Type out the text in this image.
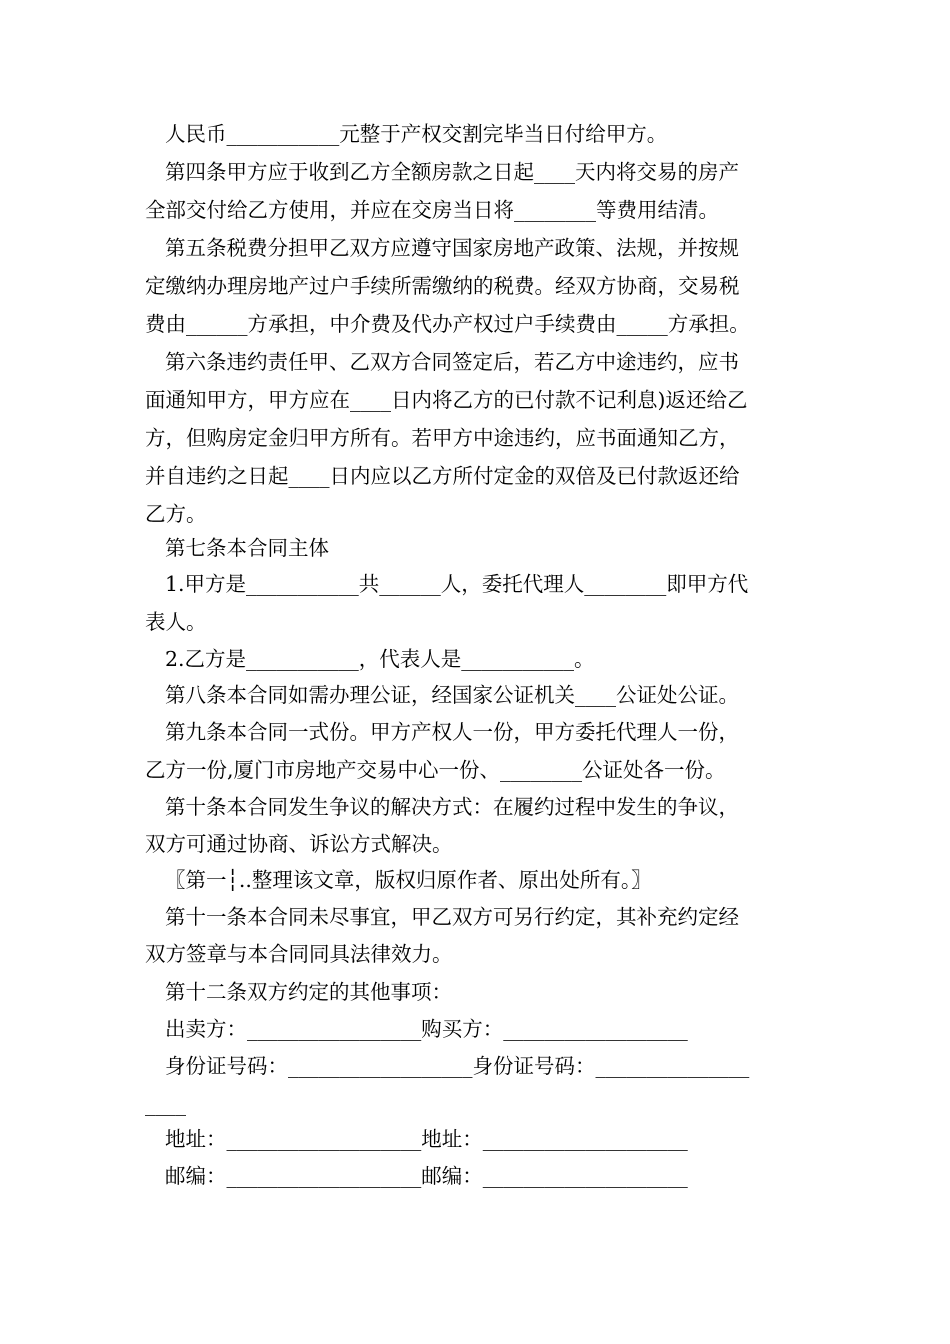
人民币___________元整于产权交割完毕当日付给甲方。
第四条甲方应于收到乙方全额房款之日起____天内将交易的房产
全部交付给乙方使用，并应在交房当日将________等费用结清。
第五条税费分担甲乙双方应遵守国家房地产政策、法规，并按规
定缴纳办理房地产过户手续所需缴纳的税费。经双方协商，交易税
费由______方承担，中介费及代办产权过户手续费由_____方承担。
第六条违约责任甲、乙双方合同签定后，若乙方中途违约，应书
面通知甲方，甲方应在____日内将乙方的已付款不记利息)返还给乙
方，但购房定金归甲方所有。若甲方中途违约，应书面通知乙方，
并自违约之日起____日内应以乙方所付定金的双倍及已付款返还给
乙方。
第七条本合同主体
1.甲方是___________共______人，委托代理人________即甲方代
表人。
2.乙方是___________，代表人是___________。
第八条本合同如需办理公证，经国家公证机关____公证处公证。
第九条本合同一式份。甲方产权人一份，甲方委托代理人一份，
乙方一份,厦门市房地产交易中心一份、________公证处各一份。
第十条本合同发生争议的解决方式：在履约过程中发生的争议，
双方可通过协商、诉讼方式解决。
〖第一┆..整理该文章，版权归原作者、原出处所有。〗
第十一条本合同未尽事宜，甲乙双方可另行约定，其补充约定经
双方签章与本合同同具法律效力。
第十二条双方约定的其他事项：
出卖方：_________________购买方：__________________
身份证号码：__________________身份证号码：_______________
____
地址：___________________地址：____________________
邮编：___________________邮编：____________________
